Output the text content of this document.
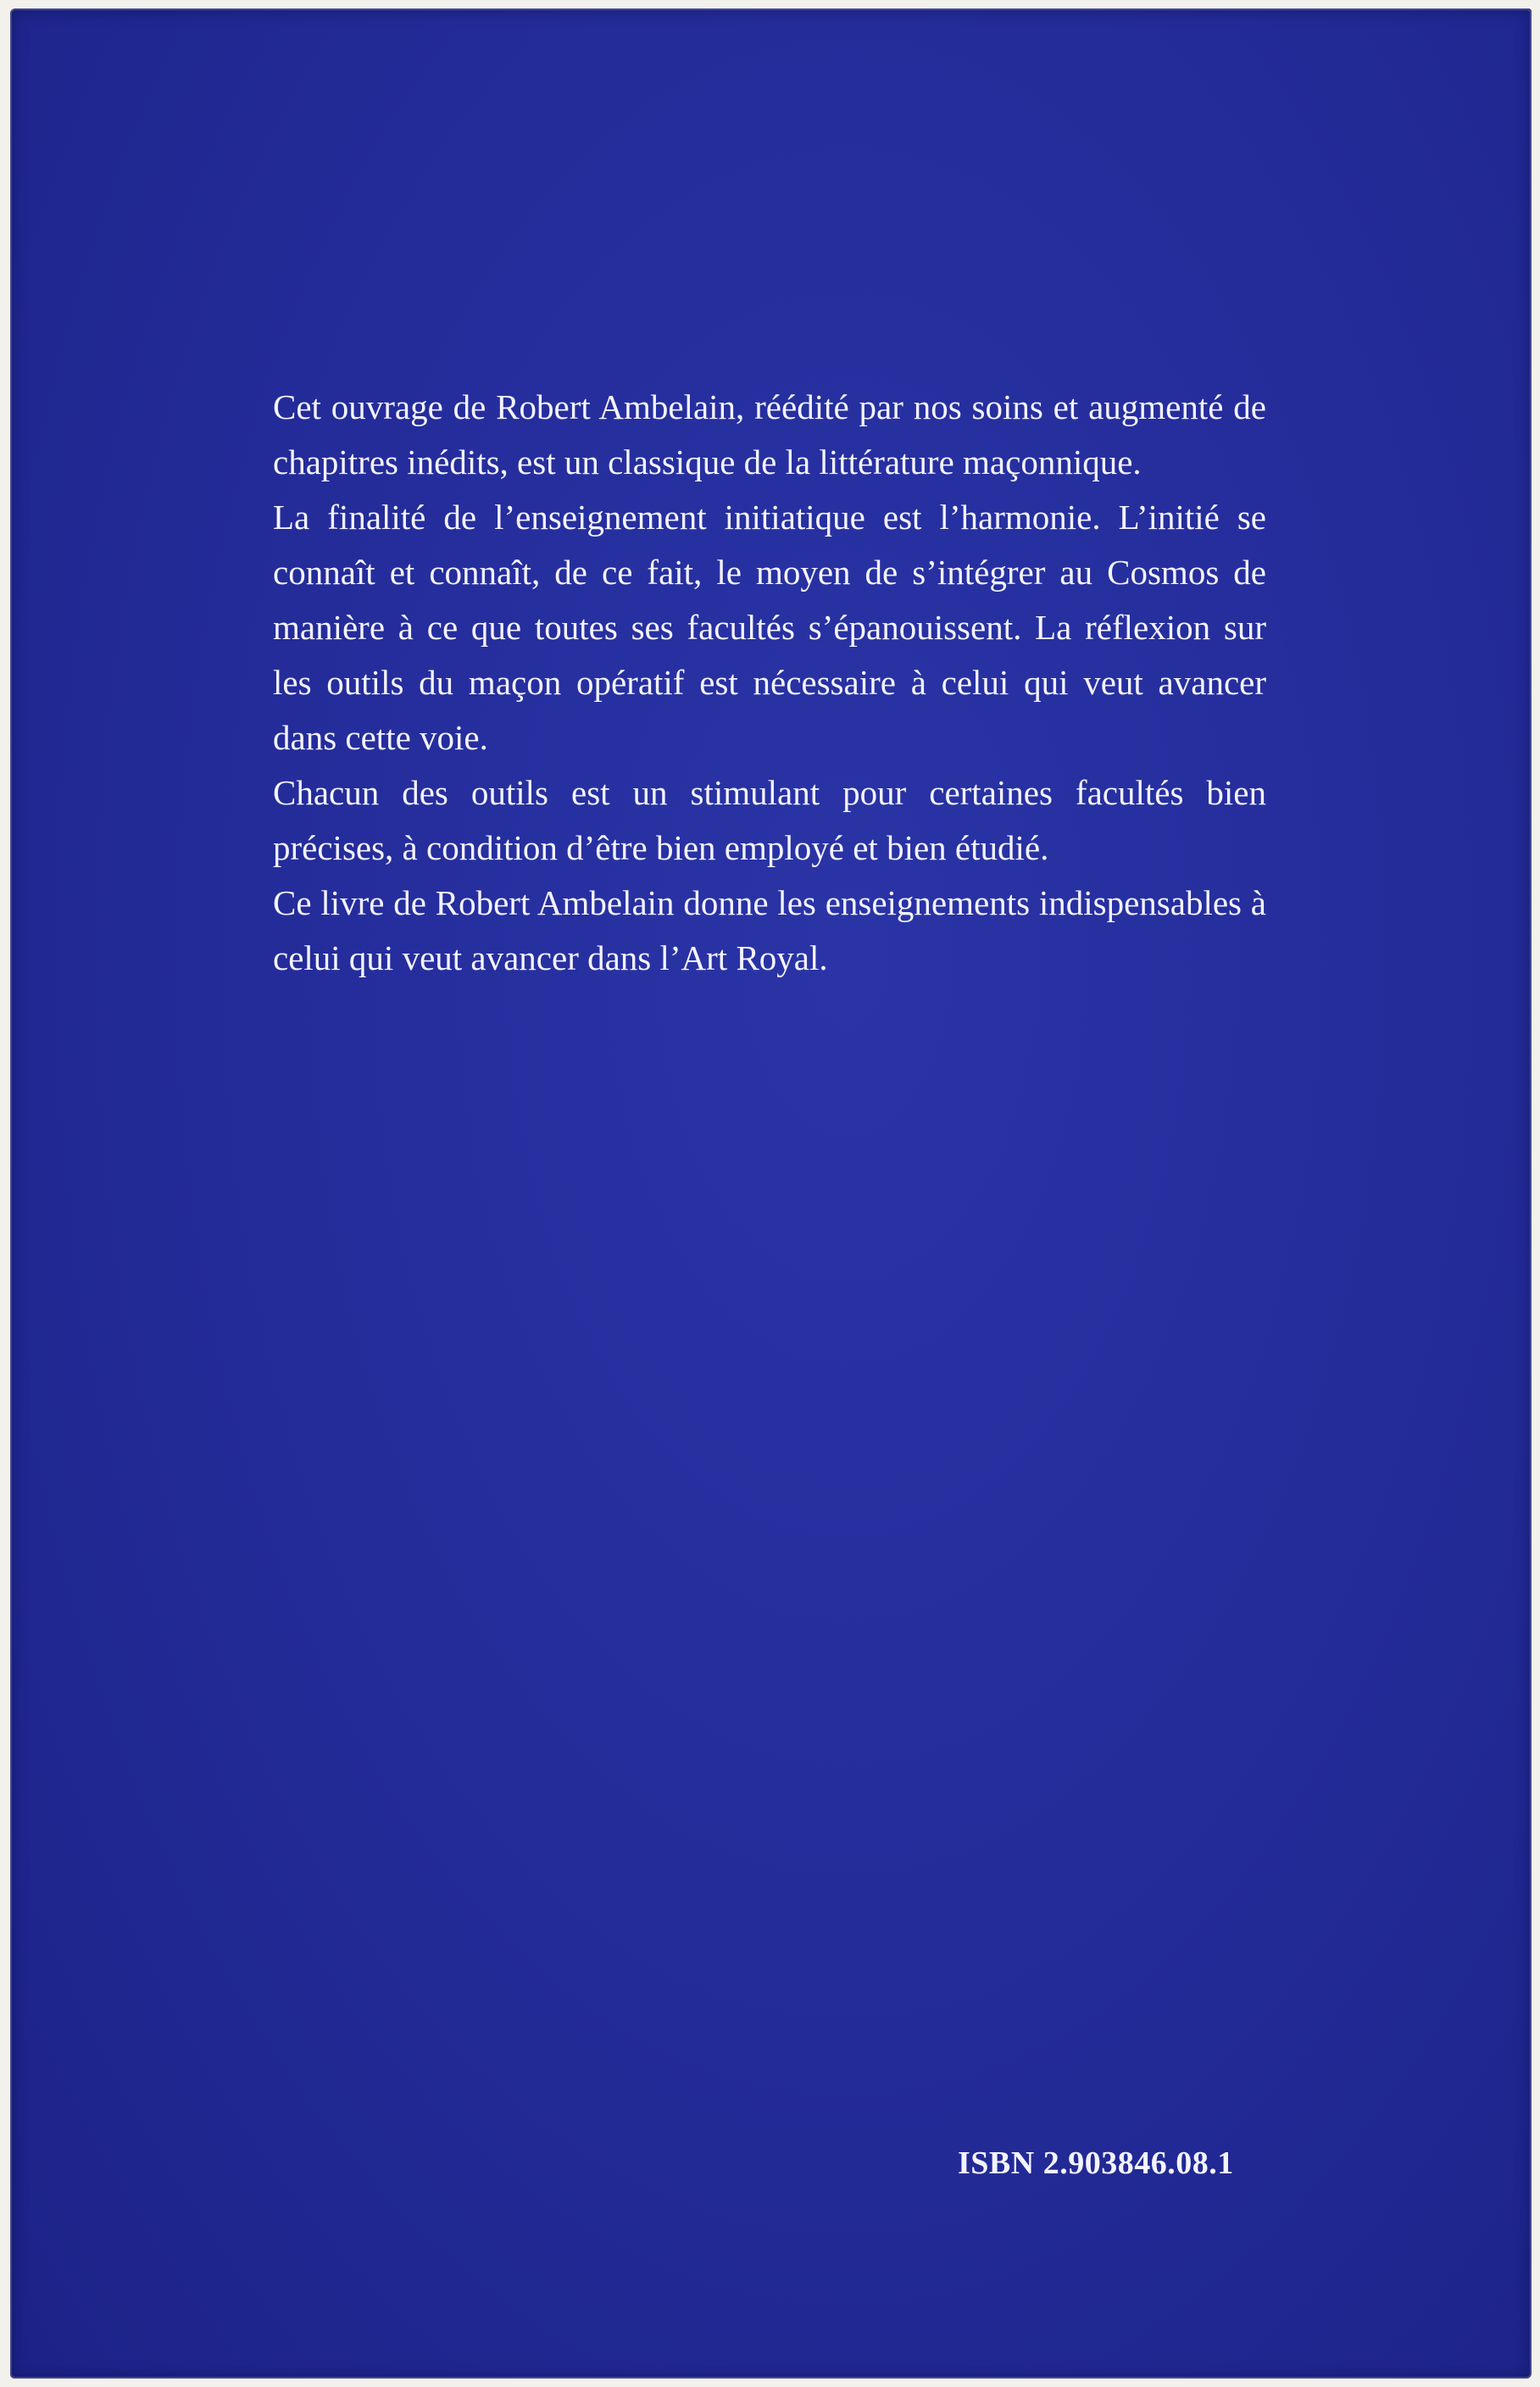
Cet ouvrage de Robert Ambelain, réédité par nos soins et augmenté de chapitres inédits, est un classique de la littérature maçonnique.

La finalité de l’enseignement initiatique est l’harmonie. L’initié se connaît et connaît, de ce fait, le moyen de s’intégrer au Cosmos de manière à ce que toutes ses facultés s’épanouissent. La réflexion sur les outils du maçon opératif est nécessaire à celui qui veut avancer dans cette voie.

Chacun des outils est un stimulant pour certaines facultés bien précises, à condition d’être bien employé et bien étudié.

Ce livre de Robert Ambelain donne les enseignements indispensables à celui qui veut avancer dans l’Art Royal.

ISBN 2.903846.08.1
